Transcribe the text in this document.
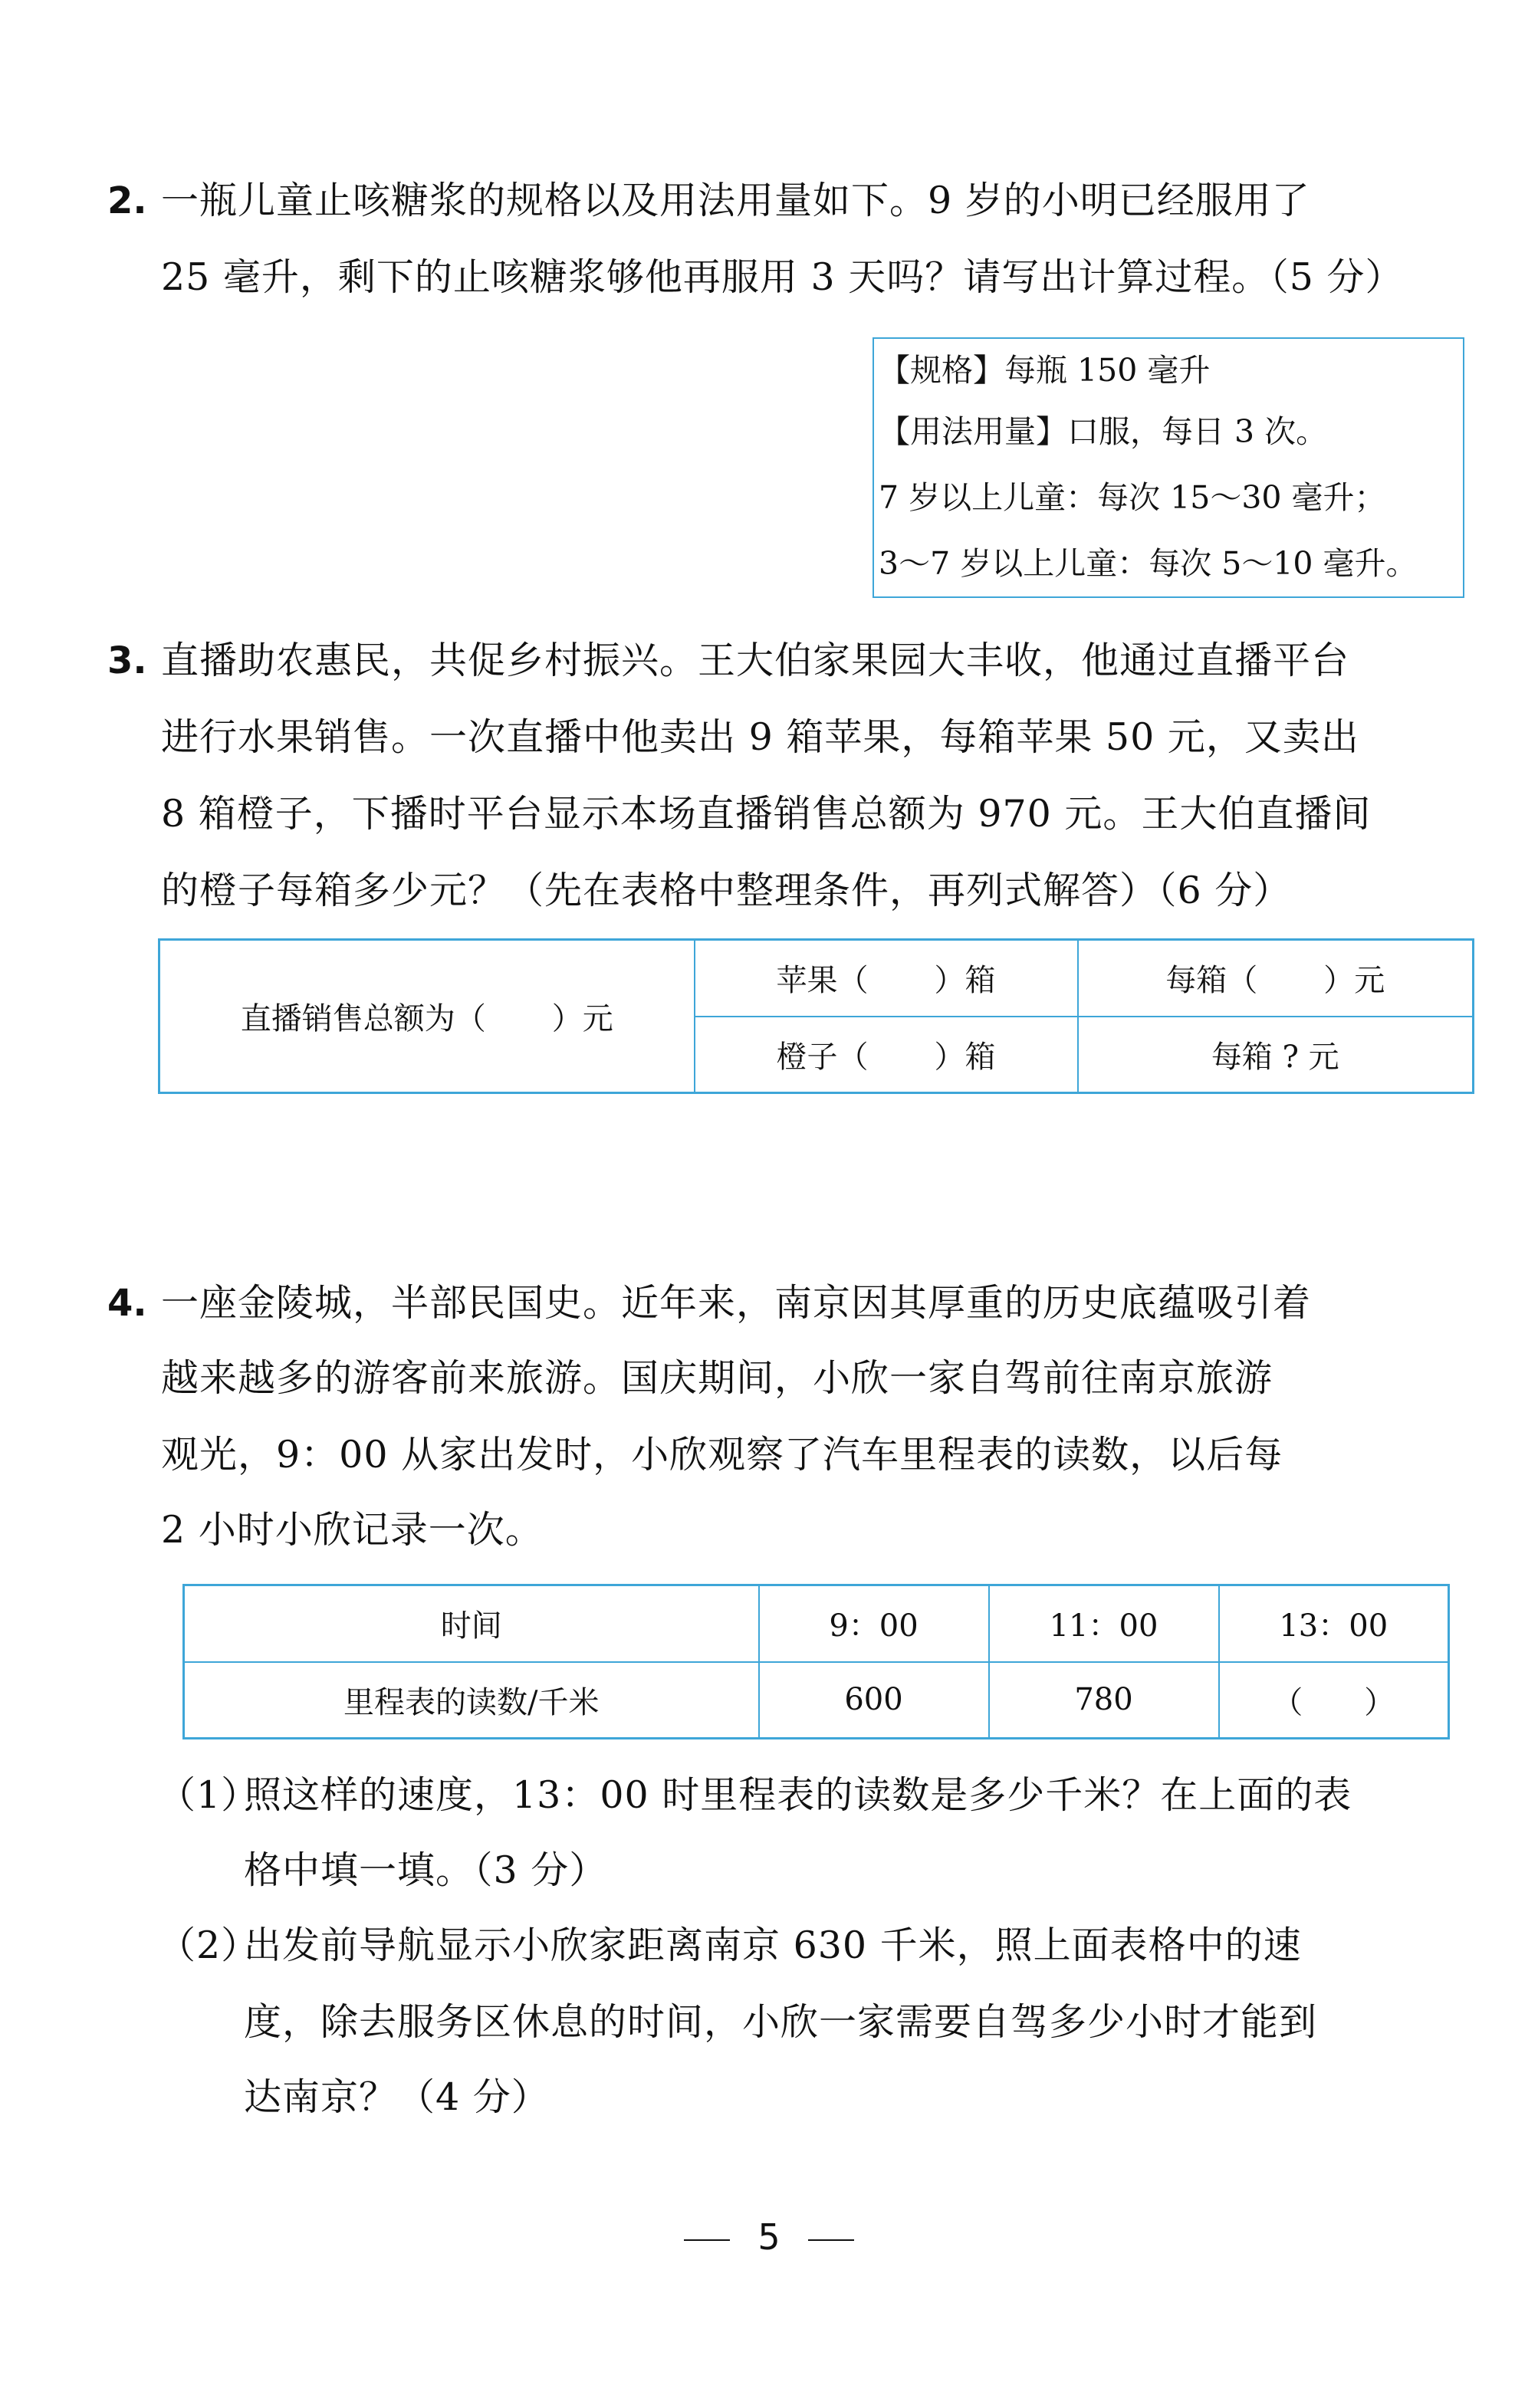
2. 一瓶儿童止咳糖浆的规格以及用法用量如下。9 岁的小明已经服用了
25 毫升，剩下的止咳糖浆够他再服用 3 天吗？请写出计算过程。（5 分）
【规格】每瓶 150 毫升
【用法用量】口服，每日 3 次。
7 岁以上儿童：每次 15～30 毫升；
3～7 岁以上儿童：每次 5～10 毫升。
3. 直播助农惠民，共促乡村振兴。王大伯家果园大丰收，他通过直播平台
进行水果销售。一次直播中他卖出 9 箱苹果，每箱苹果 50 元，又卖出
8 箱橙子，下播时平台显示本场直播销售总额为 970 元。王大伯直播间
的橙子每箱多少元？（先在表格中整理条件，再列式解答）（6 分）
直播销售总额为（ ）元	苹果（ ）箱	每箱（ ）元
	橙子（ ）箱	每箱 ? 元
4. 一座金陵城，半部民国史。近年来，南京因其厚重的历史底蕴吸引着
越来越多的游客前来旅游。国庆期间，小欣一家自驾前往南京旅游
观光，9：00 从家出发时，小欣观察了汽车里程表的读数，以后每
2 小时小欣记录一次。
时间	9：00	11：00	13：00
里程表的读数/千米	600	780	（　　）
（1）
照这样的速度，13：00 时里程表的读数是多少千米？在上面的表
格中填一填。（3 分）
（2）
出发前导航显示小欣家距离南京 630 千米，照上面表格中的速
度，除去服务区休息的时间，小欣一家需要自驾多少小时才能到
达南京？（4 分）
5
